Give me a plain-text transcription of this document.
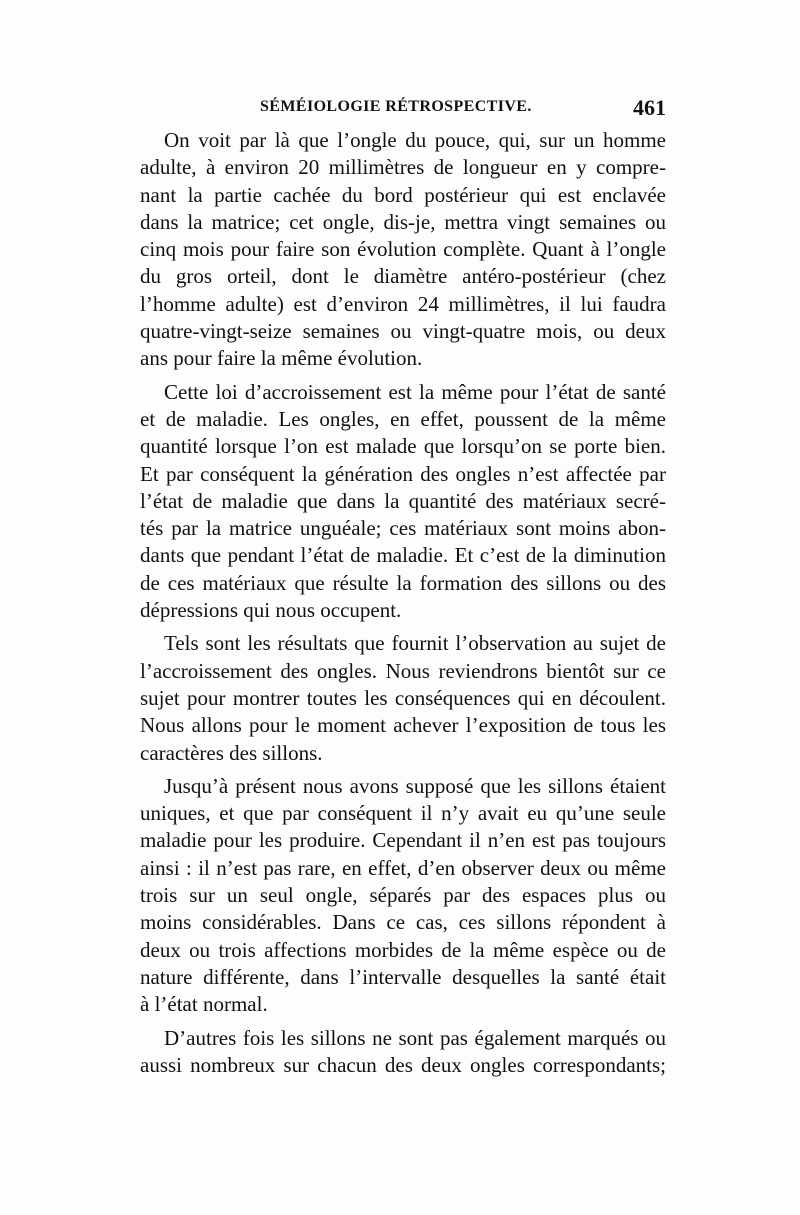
SÉMÉIOLOGIE RÉTROSPECTIVE.	461
On voit par là que l’ongle du pouce, qui, sur un homme
adulte, à environ 20 millimètres de longueur en y compre-
nant la partie cachée du bord postérieur qui est enclavée
dans la matrice; cet ongle, dis-je, mettra vingt semaines ou
cinq mois pour faire son évolution complète. Quant à l’ongle
du gros orteil, dont le diamètre antéro-postérieur (chez
l’homme adulte) est d’environ 24 millimètres, il lui faudra
quatre-vingt-seize semaines ou vingt-quatre mois, ou deux
ans pour faire la même évolution.
Cette loi d’accroissement est la même pour l’état de santé
et de maladie. Les ongles, en effet, poussent de la même
quantité lorsque l’on est malade que lorsqu’on se porte bien.
Et par conséquent la génération des ongles n’est affectée par
l’état de maladie que dans la quantité des matériaux secré-
tés par la matrice unguéale; ces matériaux sont moins abon-
dants que pendant l’état de maladie. Et c’est de la diminution
de ces matériaux que résulte la formation des sillons ou des
dépressions qui nous occupent.
Tels sont les résultats que fournit l’observation au sujet de
l’accroissement des ongles. Nous reviendrons bientôt sur ce
sujet pour montrer toutes les conséquences qui en découlent.
Nous allons pour le moment achever l’exposition de tous les
caractères des sillons.
Jusqu’à présent nous avons supposé que les sillons étaient
uniques, et que par conséquent il n’y avait eu qu’une seule
maladie pour les produire. Cependant il n’en est pas toujours
ainsi : il n’est pas rare, en effet, d’en observer deux ou même
trois sur un seul ongle, séparés par des espaces plus ou
moins considérables. Dans ce cas, ces sillons répondent à
deux ou trois affections morbides de la même espèce ou de
nature différente, dans l’intervalle desquelles la santé était
à l’état normal.
D’autres fois les sillons ne sont pas également marqués ou
aussi nombreux sur chacun des deux ongles correspondants;
